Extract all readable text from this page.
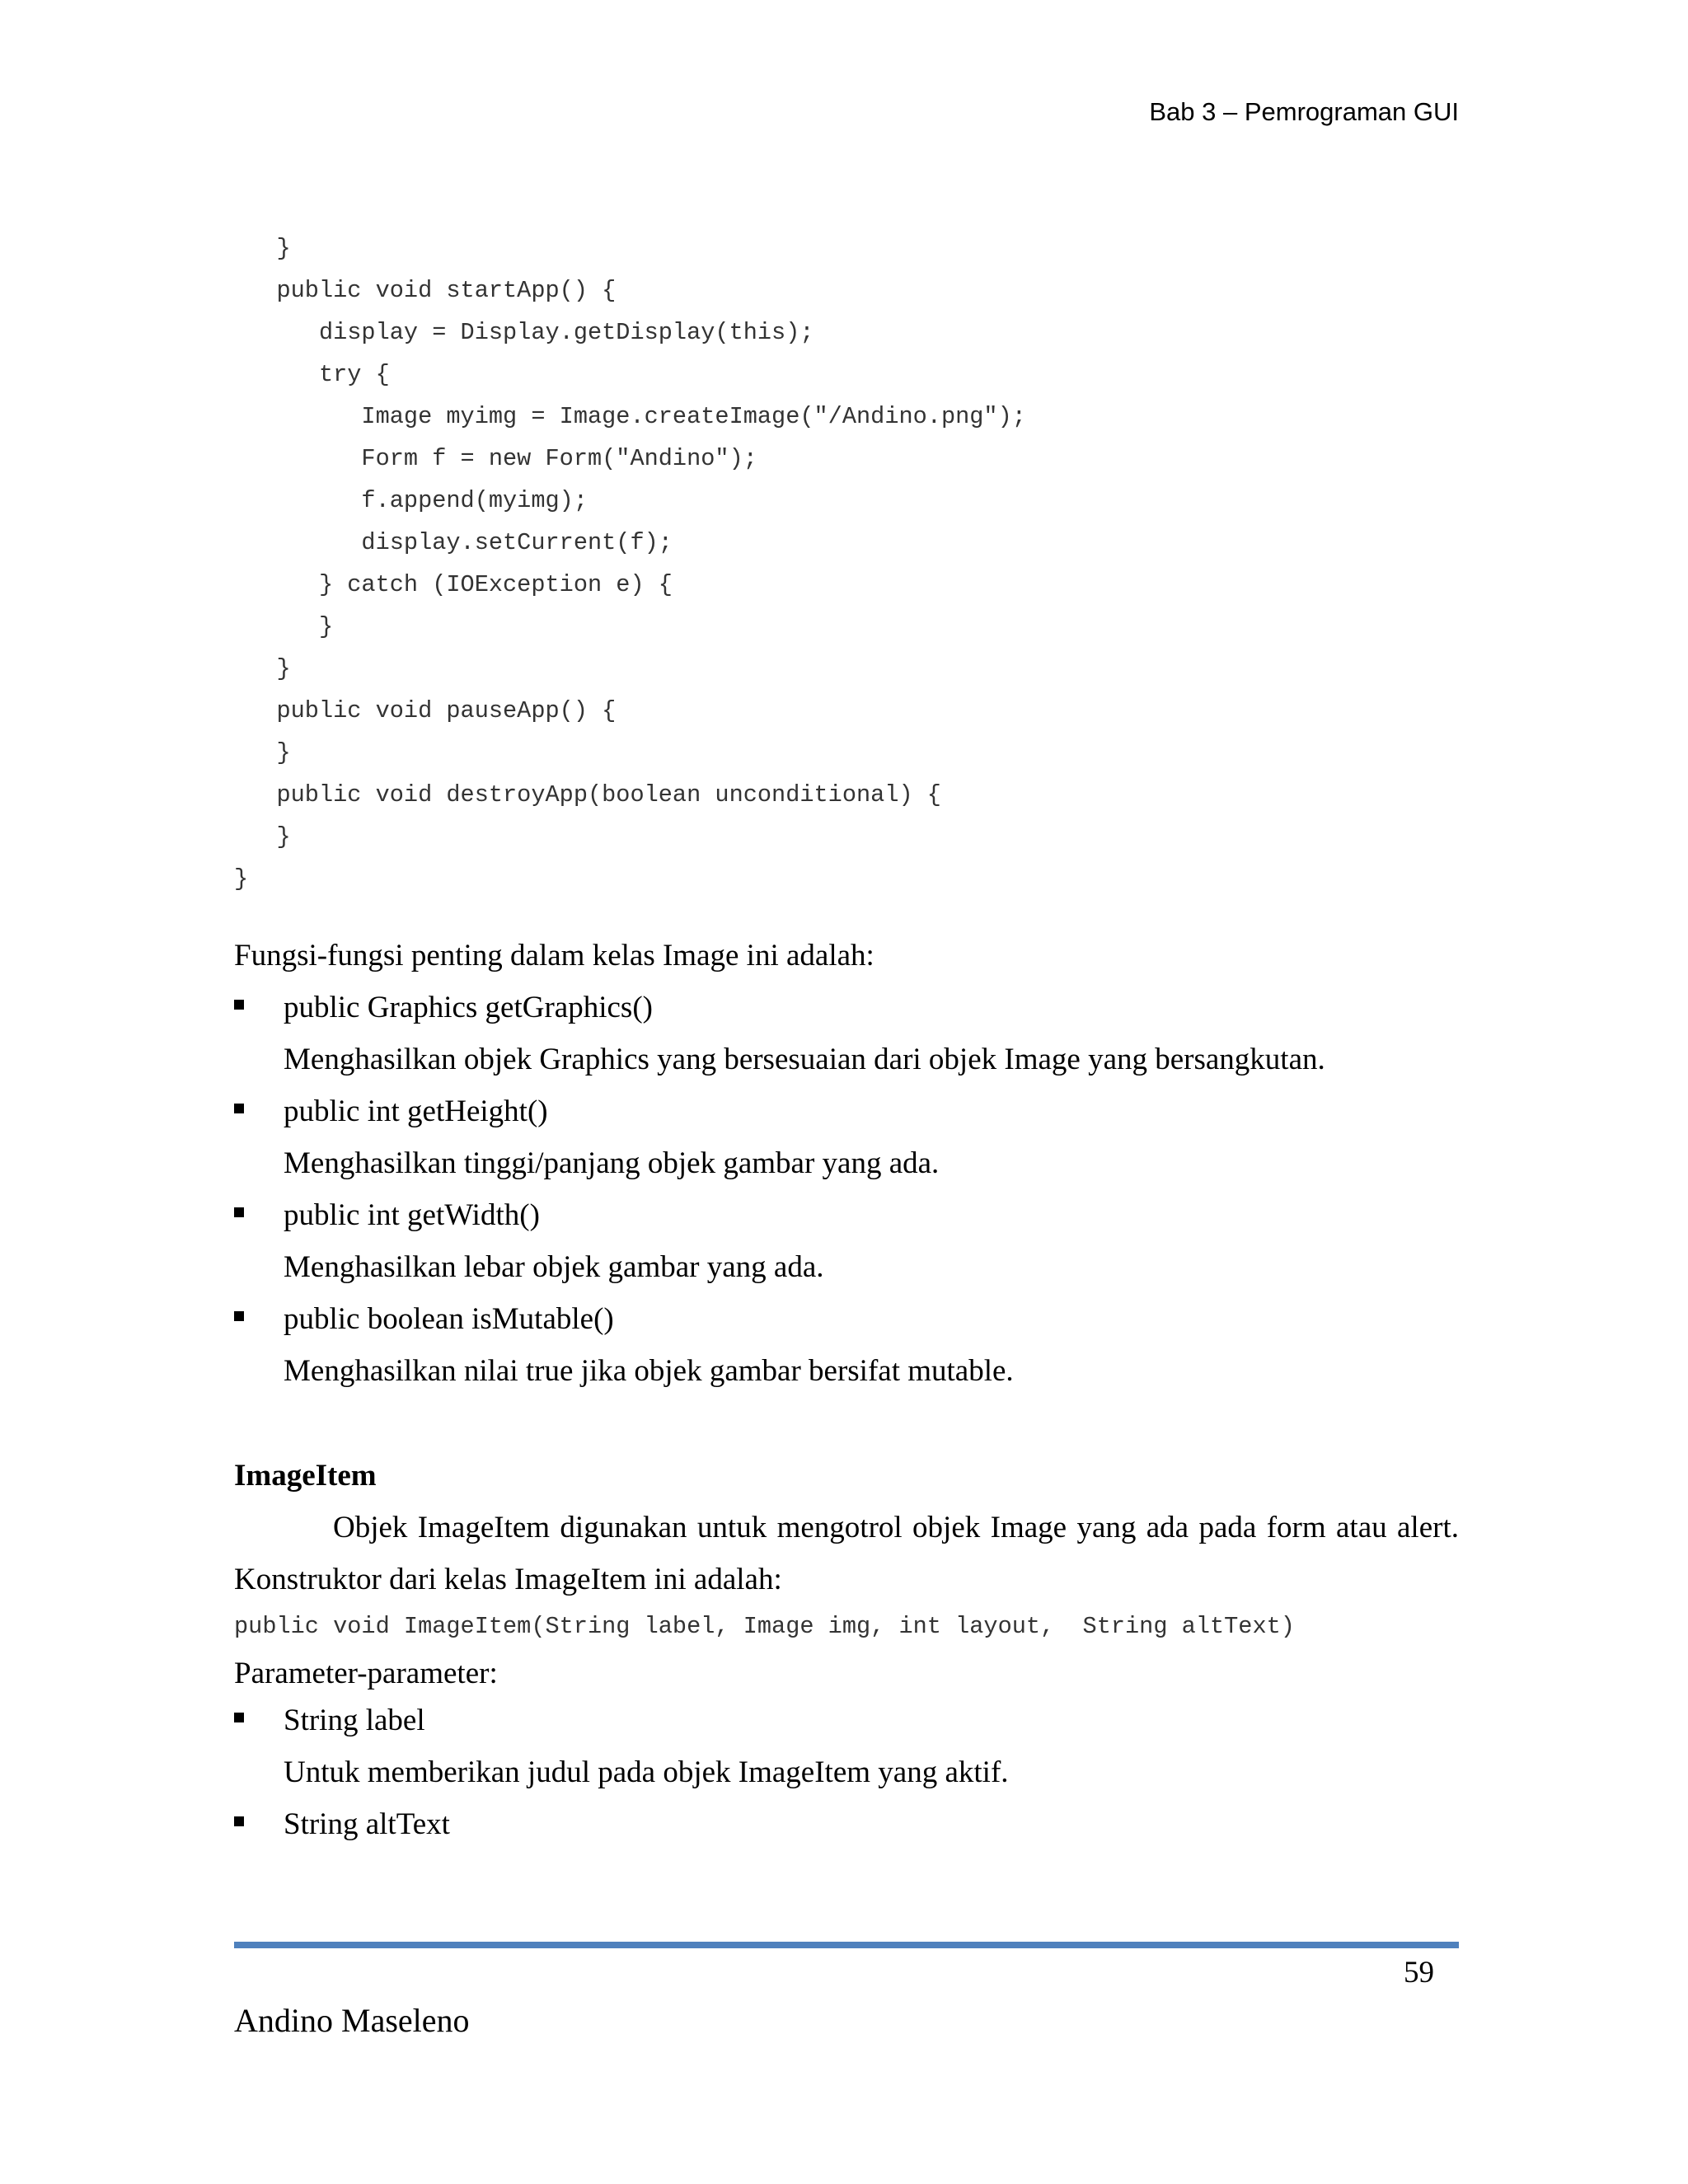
Bab 3 – Pemrograman GUI
}
public void startApp() {
display = Display.getDisplay(this);
try {
Image myimg = Image.createImage("/Andino.png");
Form f = new Form("Andino");
f.append(myimg);
display.setCurrent(f);
} catch (IOException e) {
}
}
public void pauseApp() {
}
public void destroyApp(boolean unconditional) {
}
}
Fungsi-fungsi penting dalam kelas Image ini adalah:
public Graphics getGraphics()
Menghasilkan objek Graphics yang bersesuaian dari objek Image yang bersangkutan.
public int getHeight()
Menghasilkan tinggi/panjang objek gambar yang ada.
public int getWidth()
Menghasilkan lebar objek gambar yang ada.
public boolean isMutable()
Menghasilkan nilai true jika objek gambar bersifat mutable.
ImageItem
Objek ImageItem digunakan untuk mengotrol objek Image yang ada pada form atau alert.
Konstruktor dari kelas ImageItem ini adalah:
public void ImageItem(String label, Image img, int layout,  String altText)
Parameter-parameter:
String label
Untuk memberikan judul pada objek ImageItem yang aktif.
String altText
59
Andino Maseleno
